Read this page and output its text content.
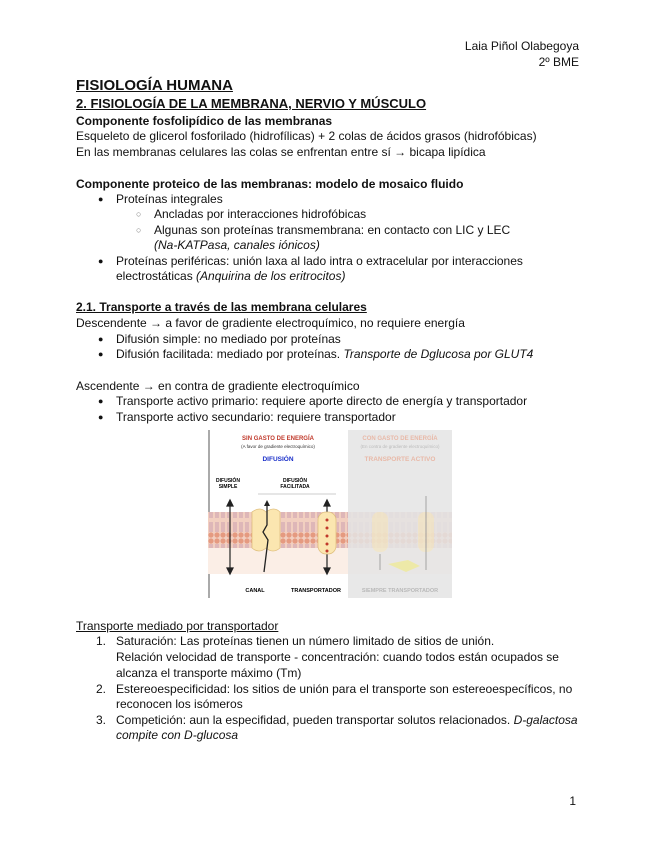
Laia Piñol Olabegoya
2º BME
FISIOLOGÍA HUMANA
2. FISIOLOGÍA DE LA MEMBRANA, NERVIO Y MÚSCULO
Componente fosfolipídico de las membranas
Esqueleto de glicerol fosforilado (hidrofílicas) + 2 colas de ácidos grasos (hidrofóbicas)
En las membranas celulares las colas se enfrentan entre sí → bicapa lipídica
Componente proteico de las membranas: modelo de mosaico fluido
● Proteínas integrales
○ Ancladas por interacciones hidrofóbicas
○ Algunas son proteínas transmembrana: en contacto con LIC y LEC
(Na-KATPasa, canales iónicos)
● Proteínas periféricas: unión laxa al lado intra o extracelular por interacciones
electrostáticas (Anquirina de los eritrocitos)
2.1. Transporte a través de las membrana celulares
Descendente → a favor de gradiente electroquímico, no requiere energía
● Difusión simple: no mediado por proteínas
● Difusión facilitada: mediado por proteínas. Transporte de Dglucosa por GLUT4
Ascendente → en contra de gradiente electroquímico
● Transporte activo primario: requiere aporte directo de energía y transportador
● Transporte activo secundario: requiere transportador
SIN GASTO DE ENERGÍA
(A favor de gradiente electroquímico)
DIFUSIÓN
CON GASTO DE ENERGÍA
(En contra de gradiente electroquímico)
TRANSPORTE ACTIVO
DIFUSIÓN
SIMPLE
DIFUSIÓN
FACILITADA
CANAL	TRANSPORTADOR	SIEMPRE TRANSPORTADOR
Transporte mediado por transportador
1. Saturación: Las proteínas tienen un número limitado de sitios de unión.
Relación velocidad de transporte - concentración: cuando todos están ocupados se
alcanza el transporte máximo (Tm)
2. Estereoespecificidad: los sitios de unión para el transporte son estereoespecíficos, no
reconocen los isómeros
3. Competición: aun la especifidad, pueden transportar solutos relacionados. D-galactosa
compite con D-glucosa
1
